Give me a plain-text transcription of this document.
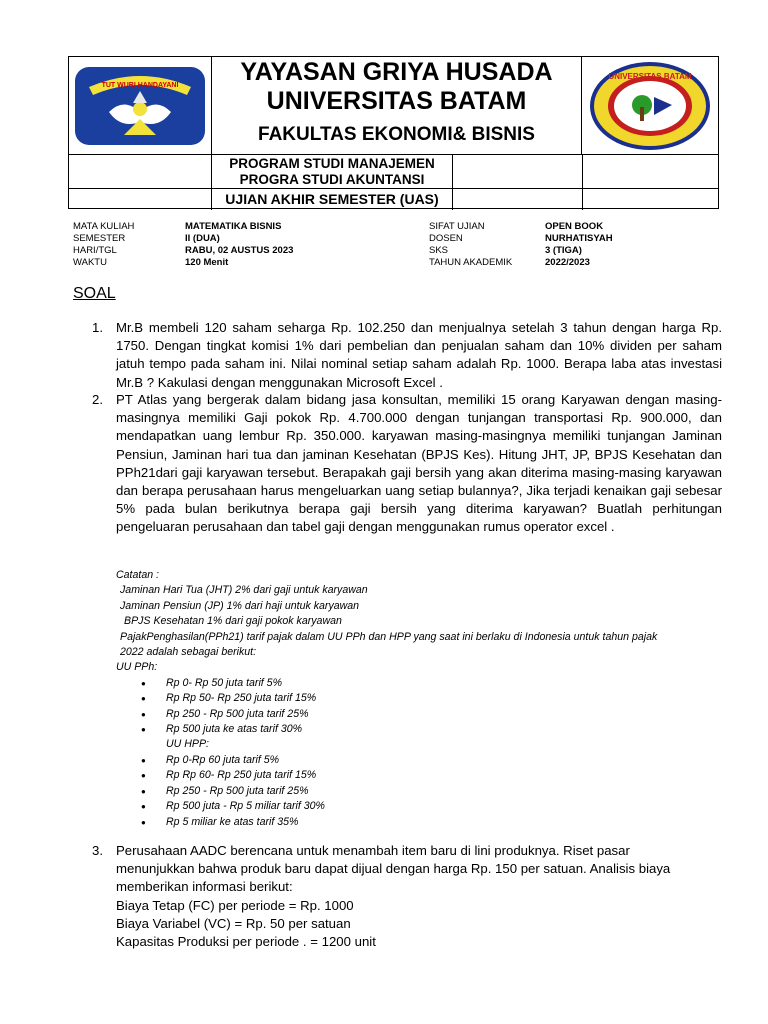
TUT WURI HANDAYANI	YAYASAN GRIYA HUSADA
UNIVERSITAS BATAM
FAKULTAS EKONOMI& BISNIS
UNIVERSITAS BATAM
PROGRAM STUDI MANAJEMEN
PROGRA STUDI AKUNTANSI
UJIAN AKHIR SEMESTER (UAS)
MATA KULIAH	MATEMATIKA BISNIS	SIFAT UJIAN	OPEN BOOK
SEMESTER	II (DUA)	DOSEN	NURHATISYAH
HARI/TGL	RABU, 02 AUSTUS 2023	SKS	3 (TIGA)
WAKTU	120 Menit	TAHUN AKADEMIK	2022/2023
SOAL
1. Mr.B membeli 120 saham seharga Rp. 102.250 dan menjualnya setelah 3 tahun dengan harga Rp. 1750. Dengan tingkat komisi 1% dari pembelian dan penjualan saham dan 10% dividen per saham jatuh tempo pada saham ini. Nilai nominal setiap saham adalah Rp. 1000. Berapa laba atas investasi Mr.B ? Kakulasi dengan menggunakan Microsoft Excel .
2. PT Atlas yang bergerak dalam bidang jasa konsultan, memiliki 15 orang Karyawan dengan masing-masingnya memiliki Gaji pokok Rp. 4.700.000 dengan tunjangan transportasi Rp. 900.000, dan mendapatkan uang lembur Rp. 350.000. karyawan masing-masingnya memiliki tunjangan Jaminan Pensiun, Jaminan hari tua dan jaminan Kesehatan (BPJS Kes). Hitung JHT, JP, BPJS Kesehatan dan PPh21dari gaji karyawan tersebut. Berapakah gaji bersih yang akan diterima masing-masing karyawan dan berapa perusahaan harus mengeluarkan uang setiap bulannya?, Jika terjadi kenaikan gaji sebesar 5% pada bulan berikutnya berapa gaji bersih yang diterima karyawan? Buatlah perhitungan pengeluaran perusahaan dan tabel gaji dengan menggunakan rumus operator excel .
Catatan :
Jaminan Hari Tua (JHT) 2% dari gaji untuk karyawan
Jaminan Pensiun (JP) 1% dari haji untuk karyawan
BPJS Kesehatan 1% dari gaji pokok karyawan
PajakPenghasilan(PPh21) tarif pajak dalam UU PPh dan HPP yang saat ini berlaku di Indonesia untuk tahun pajak
2022 adalah sebagai berikut:
UU PPh:
● Rp 0- Rp 50 juta tarif 5%
● Rp Rp 50- Rp 250 juta tarif 15%
● Rp 250 - Rp 500 juta tarif 25%
● Rp 500 juta ke atas tarif 30%
UU HPP:
● Rp 0-Rp 60 juta tarif 5%
● Rp Rp 60- Rp 250 juta tarif 15%
● Rp 250 - Rp 500 juta tarif 25%
● Rp 500 juta - Rp 5 miliar tarif 30%
● Rp 5 miliar ke atas tarif 35%
3. Perusahaan AADC berencana untuk menambah item baru di lini produknya. Riset pasar
menunjukkan bahwa produk baru dapat dijual dengan harga Rp. 150 per satuan. Analisis biaya
memberikan informasi berikut:
Biaya Tetap (FC) per periode = Rp. 1000
Biaya Variabel (VC) = Rp. 50 per satuan
Kapasitas Produksi per periode . = 1200 unit
